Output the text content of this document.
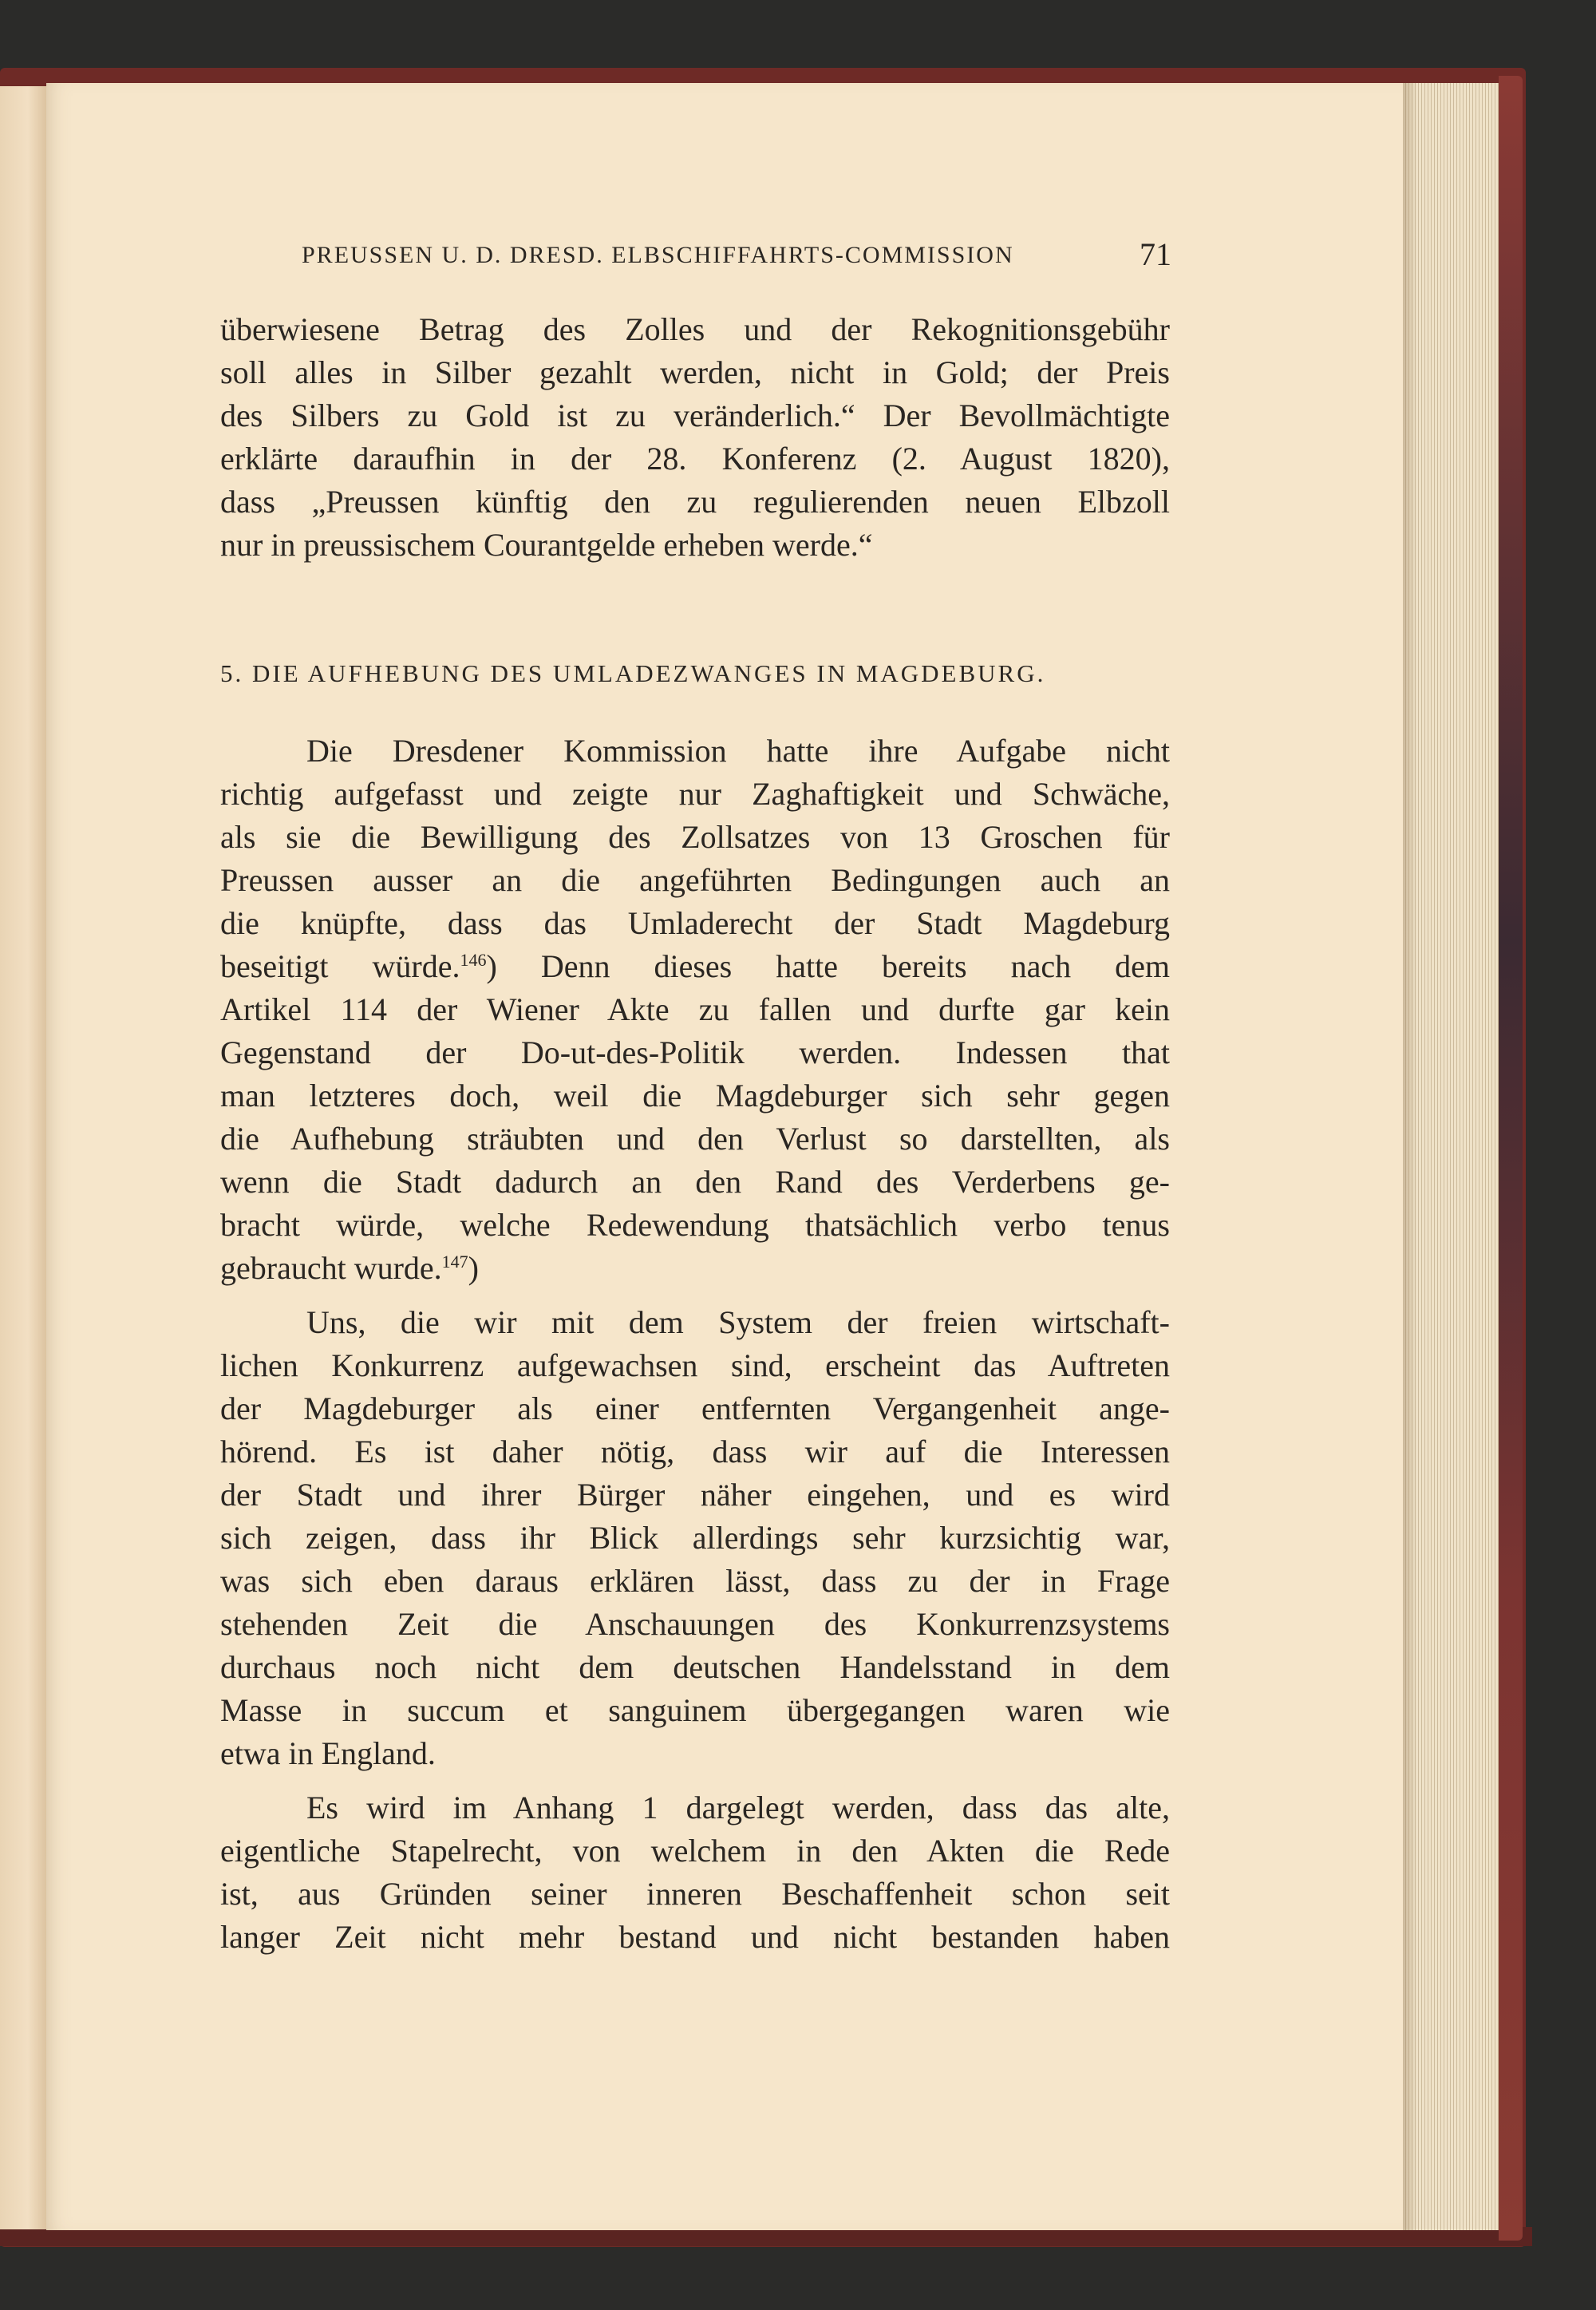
PREUSSEN U. D. DRESD. ELBSCHIFFAHRTS-COMMISSION	71
überwiesene Betrag des Zolles und der Rekognitionsgebühr
soll alles in Silber gezahlt werden, nicht in Gold; der Preis
des Silbers zu Gold ist zu veränderlich.“ Der Bevollmächtigte
erklärte daraufhin in der 28. Konferenz (2. August 1820),
dass „Preussen künftig den zu regulierenden neuen Elbzoll
nur in preussischem Courantgelde erheben werde.“
5. DIE AUFHEBUNG DES UMLADEZWANGES IN MAGDEBURG.
Die Dresdener Kommission hatte ihre Aufgabe nicht
richtig aufgefasst und zeigte nur Zaghaftigkeit und Schwäche,
als sie die Bewilligung des Zollsatzes von 13 Groschen für
Preussen ausser an die angeführten Bedingungen auch an
die knüpfte, dass das Umladerecht der Stadt Magdeburg
beseitigt würde.$^{146}$) Denn dieses hatte bereits nach dem
Artikel 114 der Wiener Akte zu fallen und durfte gar kein
Gegenstand der Do-ut-des-Politik werden. Indessen that
man letzteres doch, weil die Magdeburger sich sehr gegen
die Aufhebung sträubten und den Verlust so darstellten, als
wenn die Stadt dadurch an den Rand des Verderbens ge-
bracht würde, welche Redewendung thatsächlich verbo tenus
gebraucht wurde.$^{147}$)
Uns, die wir mit dem System der freien wirtschaft-
lichen Konkurrenz aufgewachsen sind, erscheint das Auftreten
der Magdeburger als einer entfernten Vergangenheit ange-
hörend. Es ist daher nötig, dass wir auf die Interessen
der Stadt und ihrer Bürger näher eingehen, und es wird
sich zeigen, dass ihr Blick allerdings sehr kurzsichtig war,
was sich eben daraus erklären lässt, dass zu der in Frage
stehenden Zeit die Anschauungen des Konkurrenzsystems
durchaus noch nicht dem deutschen Handelsstand in dem
Masse in succum et sanguinem übergegangen waren wie
etwa in England.
Es wird im Anhang 1 dargelegt werden, dass das alte,
eigentliche Stapelrecht, von welchem in den Akten die Rede
ist, aus Gründen seiner inneren Beschaffenheit schon seit
langer Zeit nicht mehr bestand und nicht bestanden haben
